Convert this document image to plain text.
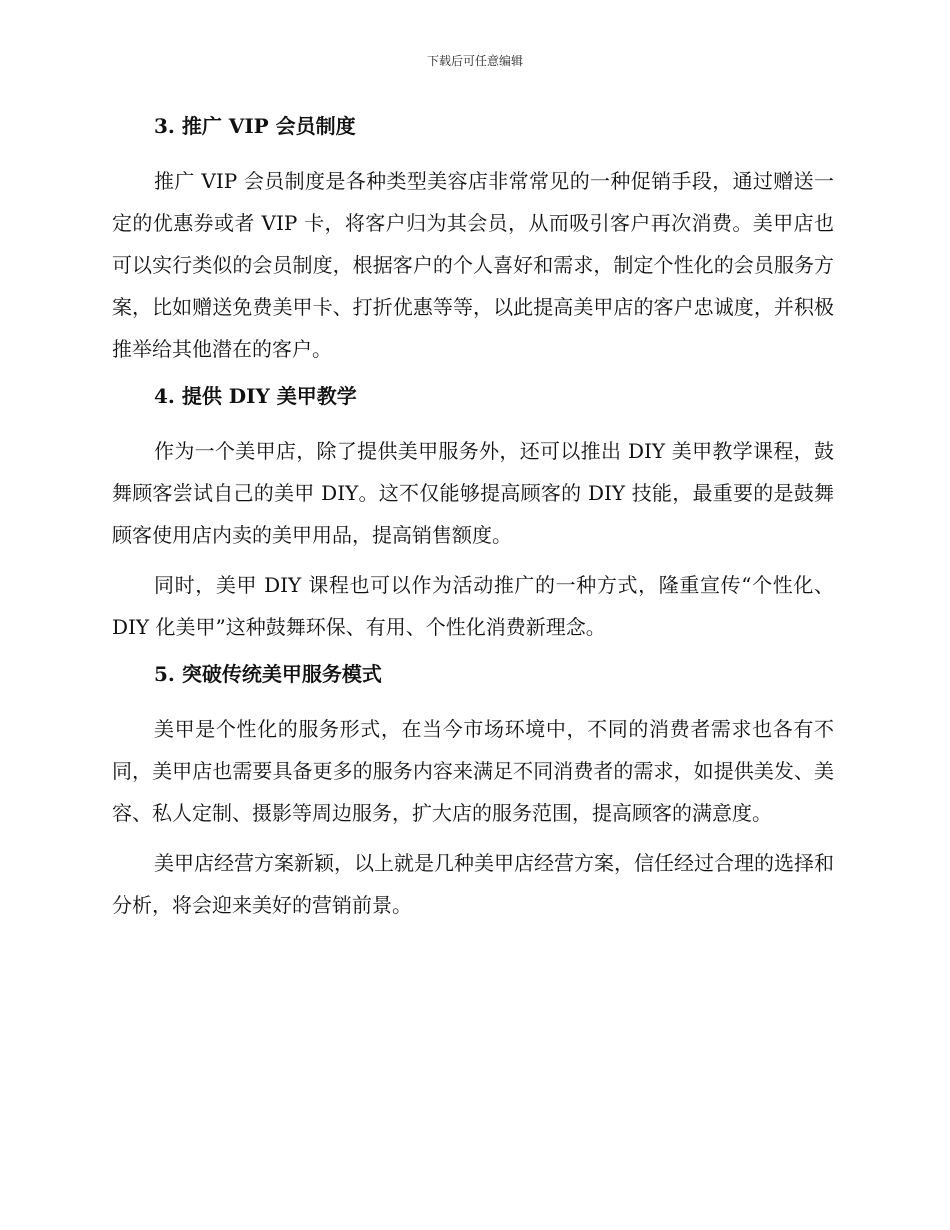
下载后可任意编辑
3. 推广 VIP 会员制度

推广 VIP 会员制度是各种类型美容店非常常见的一种促销手段，通过赠送一定的优惠券或者 VIP 卡，将客户归为其会员，从而吸引客户再次消费。美甲店也可以实行类似的会员制度，根据客户的个人喜好和需求，制定个性化的会员服务方案，比如赠送免费美甲卡、打折优惠等等，以此提高美甲店的客户忠诚度，并积极推举给其他潜在的客户。

4. 提供 DIY 美甲教学

作为一个美甲店，除了提供美甲服务外，还可以推出 DIY 美甲教学课程，鼓舞顾客尝试自己的美甲 DIY。这不仅能够提高顾客的 DIY 技能，最重要的是鼓舞顾客使用店内卖的美甲用品，提高销售额度。

同时，美甲 DIY 课程也可以作为活动推广的一种方式，隆重宣传“个性化、DIY 化美甲”这种鼓舞环保、有用、个性化消费新理念。

5. 突破传统美甲服务模式

美甲是个性化的服务形式，在当今市场环境中，不同的消费者需求也各有不同，美甲店也需要具备更多的服务内容来满足不同消费者的需求，如提供美发、美容、私人定制、摄影等周边服务，扩大店的服务范围，提高顾客的满意度。

美甲店经营方案新颖，以上就是几种美甲店经营方案，信任经过合理的选择和分析，将会迎来美好的营销前景。
